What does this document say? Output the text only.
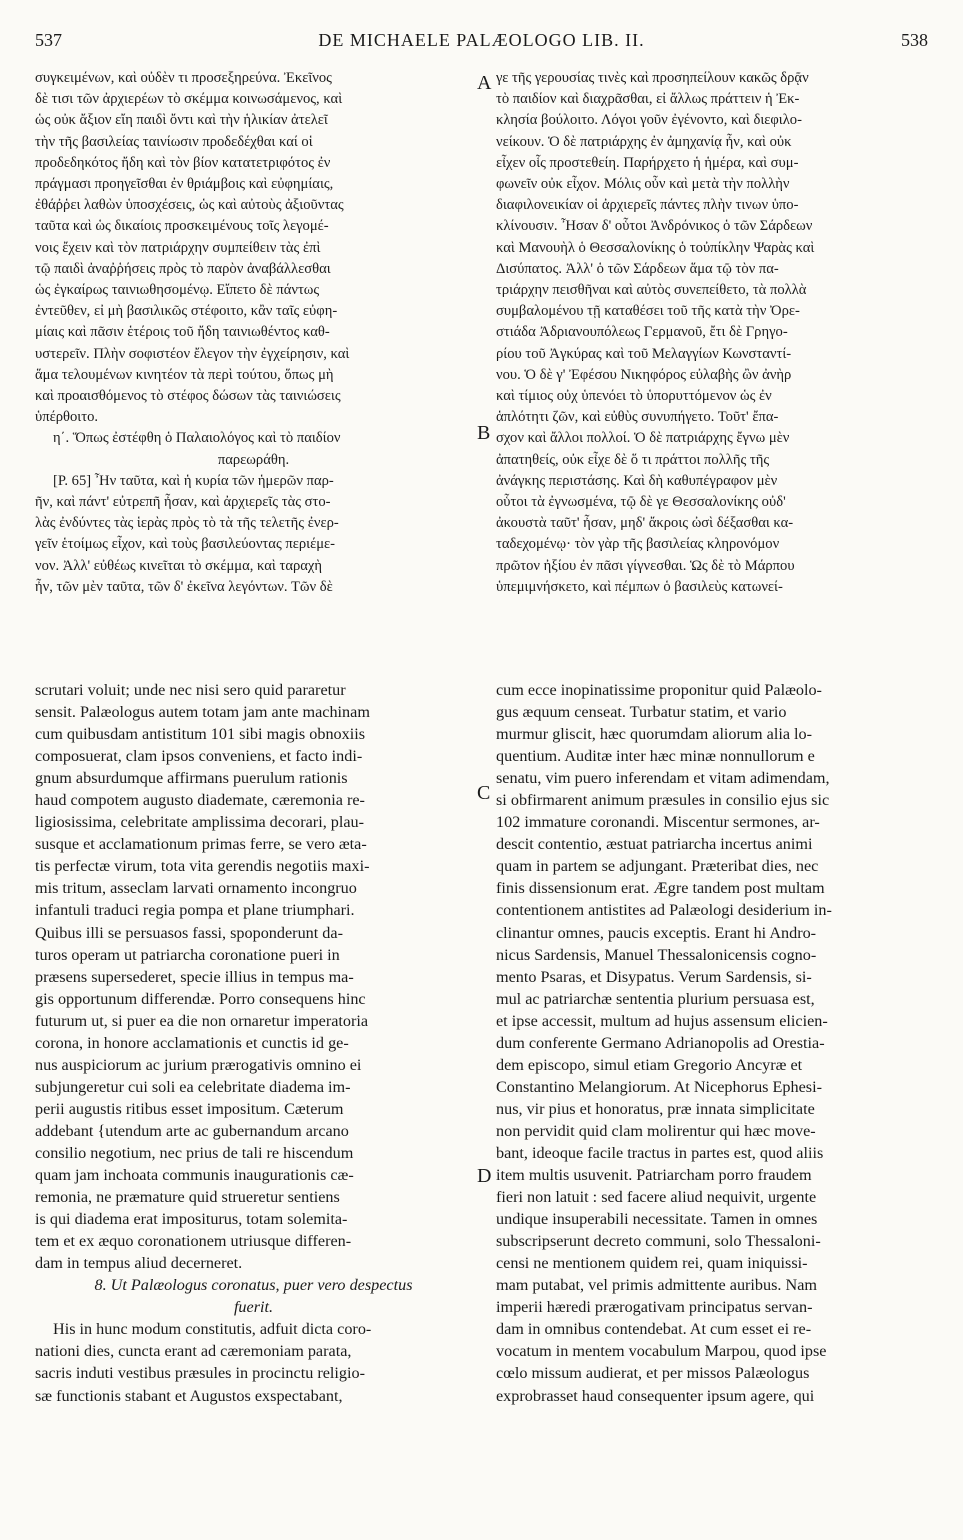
537	DE MICHAELE PALÆOLOGO LIB. II.	538
A
B
C
D
συγκειμένων, καὶ οὐδὲν τι προσεξηρεύνα. Ἐκεῖνος
δὲ τισι τῶν ἀρχιερέων τὸ σκέμμα κοινωσάμενος, καὶ
ὡς οὐκ ἄξιον εἴη παιδὶ ὄντι καὶ τὴν ἡλικίαν ἀτελεῖ
τὴν τῆς βασιλείας ταινίωσιν προδεδέχθαι καί οἱ
προδεδηκότος ἤδη καὶ τὸν βίον κατατετριφότος ἐν
πράγμασι προηγεῖσθαι ἐν θριάμβοις καὶ εὐφημίαις,
ἐθάῤῥει λαθὼν ὑποσχέσεις, ὡς καὶ αὐτοὺς ἀξιοῦντας
ταῦτα καὶ ὡς δικαίοις προσκειμένους τοῖς λεγομέ-
νοις ἔχειν καὶ τὸν πατριάρχην συμπείθειν τὰς ἐπὶ
τῷ παιδὶ ἀναῤῥήσεις πρὸς τὸ παρὸν ἀναβάλλεσθαι
ὡς ἐγκαίρως ταινιωθησομένῳ. Εἴπετο δὲ πάντως
ἐντεῦθεν, εἰ μὴ βασιλικῶς στέφοιτο, κἂν ταῖς εὐφη-
μίαις καὶ πᾶσιν ἑτέροις τοῦ ἤδη ταινιωθέντος καθ-
υστερεῖν. Πλὴν σοφιστέον ἔλεγον τὴν ἐγχείρησιν, καὶ
ἅμα τελουμένων κινητέον τὰ περὶ τούτου, ὅπως μὴ
καὶ προαισθόμενος τὸ στέφος δώσων τὰς ταινιώσεις
ὑπέρθοιτο.
η΄. Ὅπως ἐστέφθη ὁ Παλαιολόγος καὶ τὸ παιδίον
παρεωράθη.
[P. 65] Ἦν ταῦτα, καὶ ἡ κυρία τῶν ἡμερῶν παρ-
ῆν, καὶ πάντ' εὐτρεπῆ ἦσαν, καὶ ἀρχιερεῖς τὰς στο-
λὰς ἐνδύντες τὰς ἱερὰς πρὸς τὸ τὰ τῆς τελετῆς ἐνερ-
γεῖν ἑτοίμως εἶχον, καὶ τοὺς βασιλεύοντας περιέμε-
νον. Ἀλλ' εὐθέως κινεῖται τὸ σκέμμα, καὶ ταραχὴ
ἦν, τῶν μὲν ταῦτα, τῶν δ' ἐκεῖνα λεγόντων. Τῶν δὲ
γε τῆς γερουσίας τινὲς καὶ προσηπείλουν κακῶς δρᾷν
τὸ παιδίον καὶ διαχρᾶσθαι, εἰ ἄλλως πράττειν ἡ Ἐκ-
κλησία βούλοιτο. Λόγοι γοῦν ἐγένοντο, καὶ διεφιλο-
νείκουν. Ὁ δὲ πατριάρχης ἐν ἀμηχανίᾳ ἦν, καὶ οὐκ
εἶχεν οἷς προστεθείη. Παρήρχετο ἡ ἡμέρα, καὶ συμ-
φωνεῖν οὐκ εἶχον. Μόλις οὖν καὶ μετὰ τὴν πολλὴν
διαφιλονεικίαν οἱ ἀρχιερεῖς πάντες πλὴν τινων ὑπο-
κλίνουσιν. Ἦσαν δ' οὗτοι Ἀνδρόνικος ὁ τῶν Σάρδεων
καὶ Μανουὴλ ὁ Θεσσαλονίκης ὁ τοὐπίκλην Ψαρὰς καὶ
Δισύπατος. Ἀλλ' ὁ τῶν Σάρδεων ἅμα τῷ τὸν πα-
τριάρχην πεισθῆναι καὶ αὐτὸς συνεπείθετο, τὰ πολλὰ
συμβαλομένου τῇ καταθέσει τοῦ τῆς κατὰ τὴν Ὀρε-
στιάδα Ἀδριανουπόλεως Γερμανοῦ, ἔτι δὲ Γρηγο-
ρίου τοῦ Ἀγκύρας καὶ τοῦ Μελαγγίων Κωνσταντί-
νου. Ὁ δὲ γ' Ἐφέσου Νικηφόρος εὐλαβὴς ὢν ἀνὴρ
καὶ τίμιος οὐχ ὑπενόει τὸ ὑπορυττόμενον ὡς ἐν
ἁπλότητι ζῶν, καὶ εὐθὺς συνυπήγετο. Τοῦτ' ἔπα-
σχον καὶ ἄλλοι πολλοί. Ὁ δὲ πατριάρχης ἔγνω μὲν
ἀπατηθείς, οὐκ εἶχε δὲ ὅ τι πράττοι πολλῆς τῆς
ἀνάγκης περιστάσης. Καὶ δὴ καθυπέγραφον μὲν
οὗτοι τὰ ἐγνωσμένα, τῷ δὲ γε Θεσσαλονίκης οὐδ'
ἀκουστὰ ταῦτ' ἦσαν, μηδ' ἄκροις ὠσὶ δέξασθαι κα-
ταδεχομένῳ· τὸν γὰρ τῆς βασιλείας κληρονόμον
πρῶτον ἠξίου ἐν πᾶσι γίγνεσθαι. Ὡς δὲ τὸ Μάρπου
ὑπεμιμνήσκετο, καὶ πέμπων ὁ βασιλεὺς κατωνεί-
scrutari voluit; unde nec nisi sero quid pararetur
sensit. Palæologus autem totam jam ante machinam
cum quibusdam antistitum 101 sibi magis obnoxiis
composuerat, clam ipsos conveniens, et facto indi-
gnum absurdumque affirmans puerulum rationis
haud compotem augusto diademate, cæremonia re-
ligiosissima, celebritate amplissima decorari, plau-
susque et acclamationum primas ferre, se vero æta-
tis perfectæ virum, tota vita gerendis negotiis maxi-
mis tritum, asseclam larvati ornamento incongruo
infantuli traduci regia pompa et plane triumphari.
Quibus illi se persuasos fassi, spoponderunt da-
turos operam ut patriarcha coronatione pueri in
præsens supersederet, specie illius in tempus ma-
gis opportunum differendæ. Porro consequens hinc
futurum ut, si puer ea die non ornaretur imperatoria
corona, in honore acclamationis et cunctis id ge-
nus auspiciorum ac jurium prærogativis omnino ei
subjungeretur cui soli ea celebritate diadema im-
perii augustis ritibus esset impositum. Cæterum
addebant {utendum arte ac gubernandum arcano
consilio negotium, nec prius de tali re hiscendum
quam jam inchoata communis inaugurationis cæ-
remonia, ne præmature quid strueretur sentiens
is qui diadema erat impositurus, totam solemita-
tem et ex æquo coronationem utriusque differen-
dam in tempus aliud decerneret.
8. Ut Palæologus coronatus, puer vero despectus
fuerit.
His in hunc modum constitutis, adfuit dicta coro-
nationi dies, cuncta erant ad cæremoniam parata,
sacris induti vestibus præsules in procinctu religio-
sæ functionis stabant et Augustos exspectabant,
cum ecce inopinatissime proponitur quid Palæolo-
gus æquum censeat. Turbatur statim, et vario
murmur gliscit, hæc quorumdam aliorum alia lo-
quentium. Auditæ inter hæc minæ nonnullorum e
senatu, vim puero inferendam et vitam adimendam,
si obfirmarent animum præsules in consilio ejus sic
102 immature coronandi. Miscentur sermones, ar-
descit contentio, æstuat patriarcha incertus animi
quam in partem se adjungant. Præteribat dies, nec
finis dissensionum erat. Ægre tandem post multam
contentionem antistites ad Palæologi desiderium in-
clinantur omnes, paucis exceptis. Erant hi Andro-
nicus Sardensis, Manuel Thessalonicensis cogno-
mento Psaras, et Disypatus. Verum Sardensis, si-
mul ac patriarchæ sententia plurium persuasa est,
et ipse accessit, multum ad hujus assensum elicien-
dum conferente Germano Adrianopolis ad Orestia-
dem episcopo, simul etiam Gregorio Ancyræ et
Constantino Melangiorum. At Nicephorus Ephesi-
nus, vir pius et honoratus, præ innata simplicitate
non pervidit quid clam molirentur qui hæc move-
bant, ideoque facile tractus in partes est, quod aliis
item multis usuvenit. Patriarcham porro fraudem
fieri non latuit : sed facere aliud nequivit, urgente
undique insuperabili necessitate. Tamen in omnes
subscripserunt decreto communi, solo Thessaloni-
censi ne mentionem quidem rei, quam iniquissi-
mam putabat, vel primis admittente auribus. Nam
imperii hæredi prærogativam principatus servan-
dam in omnibus contendebat. At cum esset ei re-
vocatum in mentem vocabulum Marpou, quod ipse
cœlo missum audierat, et per missos Palæologus
exprobrasset haud consequenter ipsum agere, qui
